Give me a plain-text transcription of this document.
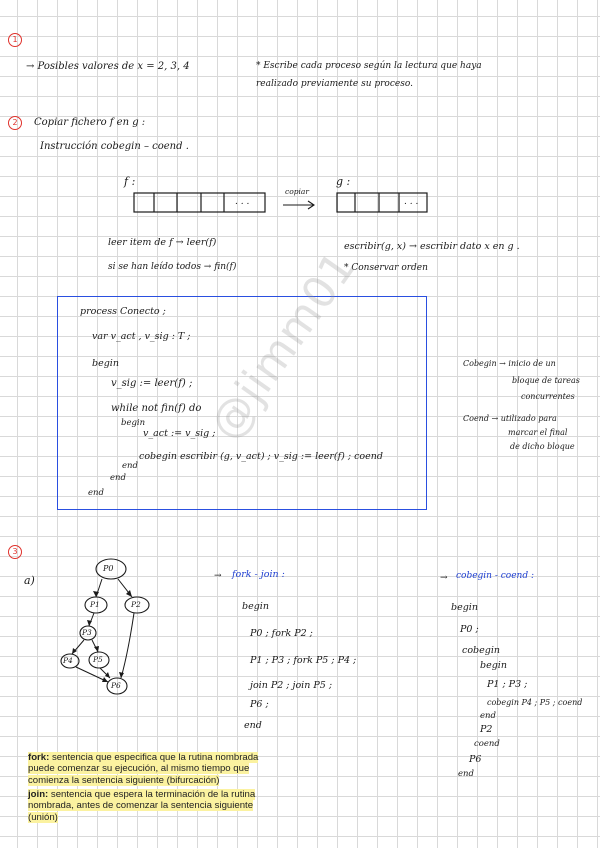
1
2
3
→ Posibles valores de x = 2, 3, 4	* Escribe cada proceso según la lectura que haya
realizado previamente su proceso.
Copiar fichero f en g :
Instrucción cobegin – coend .
f :	g :
copiar
. . .	. . .
leer item de f → leer(f)
si se han leído todos → fin(f)
escribir(g, x) → escribir dato x en g .
* Conservar orden
process Conecto ;
var v_act , v_sig : T ;
begin
v_sig := leer(f) ;
while not fin(f) do
begin
v_act := v_sig ;
cobegin escribir (g, v_act) ; v_sig := leer(f) ; coend
end
end
end
Cobegin → inicio de un
bloque de tareas
concurrentes
Coend → utilizado para
marcar el final
de dicho bloque
a)
P0
P1	P2
P3
P4	P5
P6
→ fork - join :
begin
P0 ; fork P2 ;
P1 ; P3 ; fork P5 ; P4 ;
join P2 ; join P5 ;
P6 ;
end
→ cobegin - coend :
begin
P0 ;
cobegin
begin
P1 ; P3 ;
cobegin P4 ; P5 ; coend
end
P2
coend
P6
end
fork: sentencia que especifica que la rutina nombrada puede comenzar su ejecución, al mismo tiempo que comienza la sentencia siguiente (bifurcación)
join: sentencia que espera la terminación de la rutina nombrada, antes de comenzar la sentencia siguiente (unión)
@jimm01
